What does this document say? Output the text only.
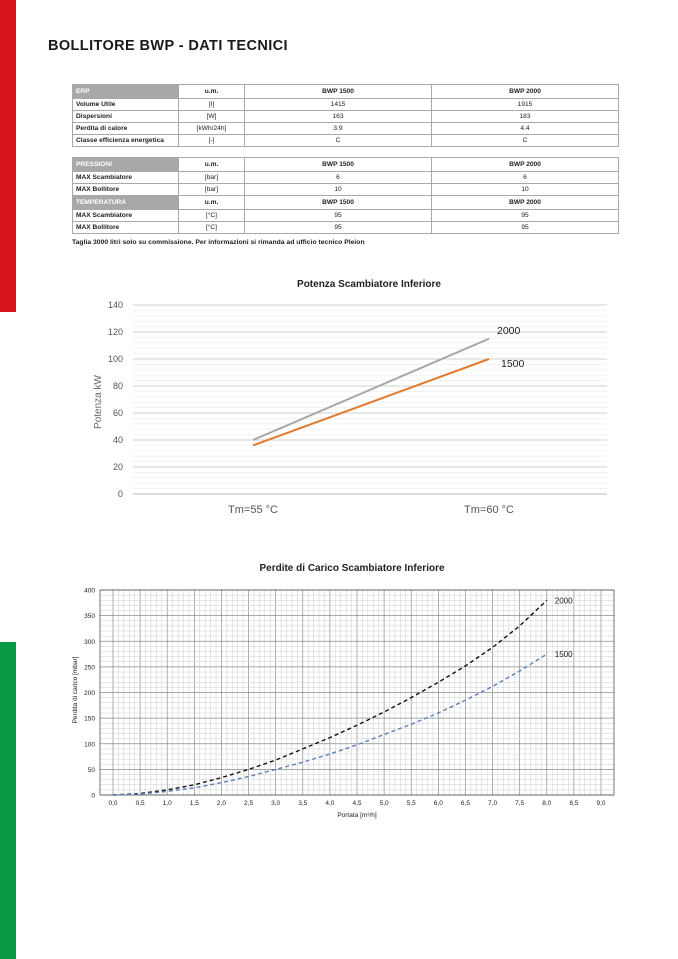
BOLLITORE BWP - DATI TECNICI
ERP	u.m.	BWP 1500	BWP 2000
Volume Utile	[l]	1415	1915
Dispersioni	[W]	163	183
Perdita di calore	[kWh/24h]	3.9	4.4
Classe efficienza energetica	[-]	C	C
PRESSIONI	u.m.	BWP 1500	BWP 2000
MAX Scambiatore	[bar]	6	6
MAX Bollitore	[bar]	10	10
TEMPERATURA	u.m.	BWP 1500	BWP 2000
MAX Scambiatore	[°C]	95	95
MAX Bollitore	[°C]	95	95
Taglia 3000 litri solo su commissione. Per informazioni si rimanda ad ufficio tecnico Pleion
Potenza Scambiatore Inferiore
Potenza kW
0
20
40
60
80
100
120
140
Tm=55 °C	Tm=60 °C
2000
1500
Perdite di Carico Scambiatore Inferiore
Perdita di carico [mbar]
Portata [m³/h]
0
50
100
150
200
250
300
350
400
0,0	0,5	1,0	1,5	2,0	2,5	3,0	3,5	4,0	4,5	5,0	5,5	6,0	6,5	7,0	7,5	8,0	8,5	9,0
2000
1500
